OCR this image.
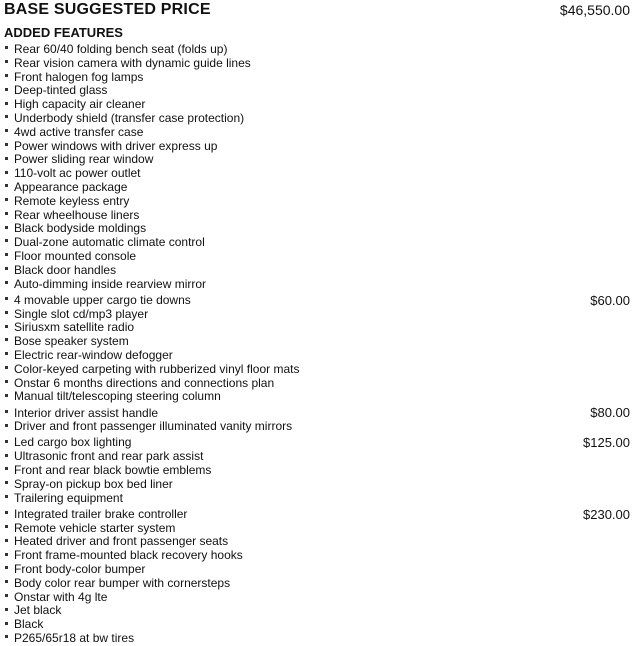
BASE SUGGESTED PRICE	$46,550.00
ADDED FEATURES
Rear 60/40 folding bench seat (folds up)
Rear vision camera with dynamic guide lines
Front halogen fog lamps
Deep-tinted glass
High capacity air cleaner
Underbody shield (transfer case protection)
4wd active transfer case
Power windows with driver express up
Power sliding rear window
110-volt ac power outlet
Appearance package
Remote keyless entry
Rear wheelhouse liners
Black bodyside moldings
Dual-zone automatic climate control
Floor mounted console
Black door handles
Auto-dimming inside rearview mirror
4 movable upper cargo tie downs	$60.00
Single slot cd/mp3 player
Siriusxm satellite radio
Bose speaker system
Electric rear-window defogger
Color-keyed carpeting with rubberized vinyl floor mats
Onstar 6 months directions and connections plan
Manual tilt/telescoping steering column
Interior driver assist handle	$80.00
Driver and front passenger illuminated vanity mirrors
Led cargo box lighting	$125.00
Ultrasonic front and rear park assist
Front and rear black bowtie emblems
Spray-on pickup box bed liner
Trailering equipment
Integrated trailer brake controller	$230.00
Remote vehicle starter system
Heated driver and front passenger seats
Front frame-mounted black recovery hooks
Front body-color bumper
Body color rear bumper with cornersteps
Onstar with 4g lte
Jet black
Black
P265/65r18 at bw tires
